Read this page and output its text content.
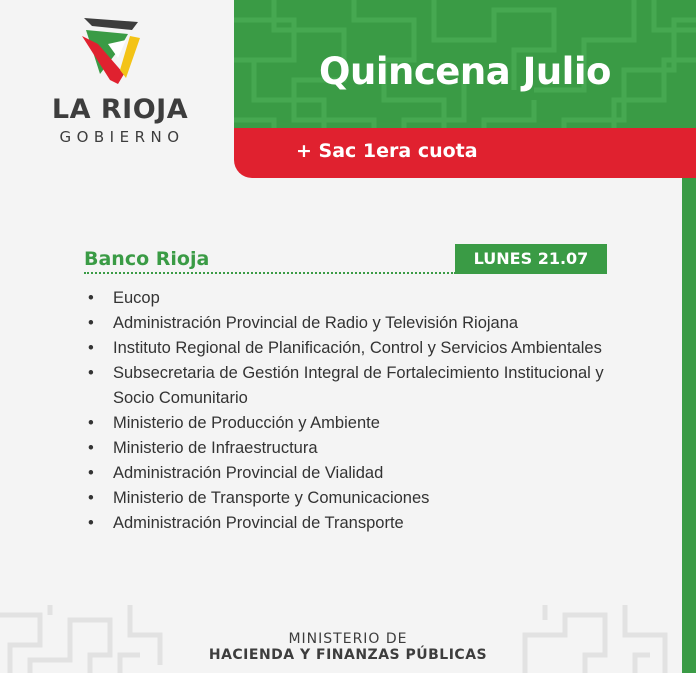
LA RIOJA
GOBIERNO
Quincena Julio
+ Sac 1era cuota
Banco Rioja	LUNES 21.07
• Eucop
• Administración Provincial de Radio y Televisión Riojana
• Instituto Regional de Planificación, Control y Servicios Ambientales
• Subsecretaria de Gestión Integral de Fortalecimiento Institucional y Socio Comunitario
• Ministerio de Producción y Ambiente
• Ministerio de Infraestructura
• Administración Provincial de Vialidad
• Ministerio de Transporte y Comunicaciones
• Administración Provincial de Transporte
MINISTERIO DE
HACIENDA Y FINANZAS PÚBLICAS
